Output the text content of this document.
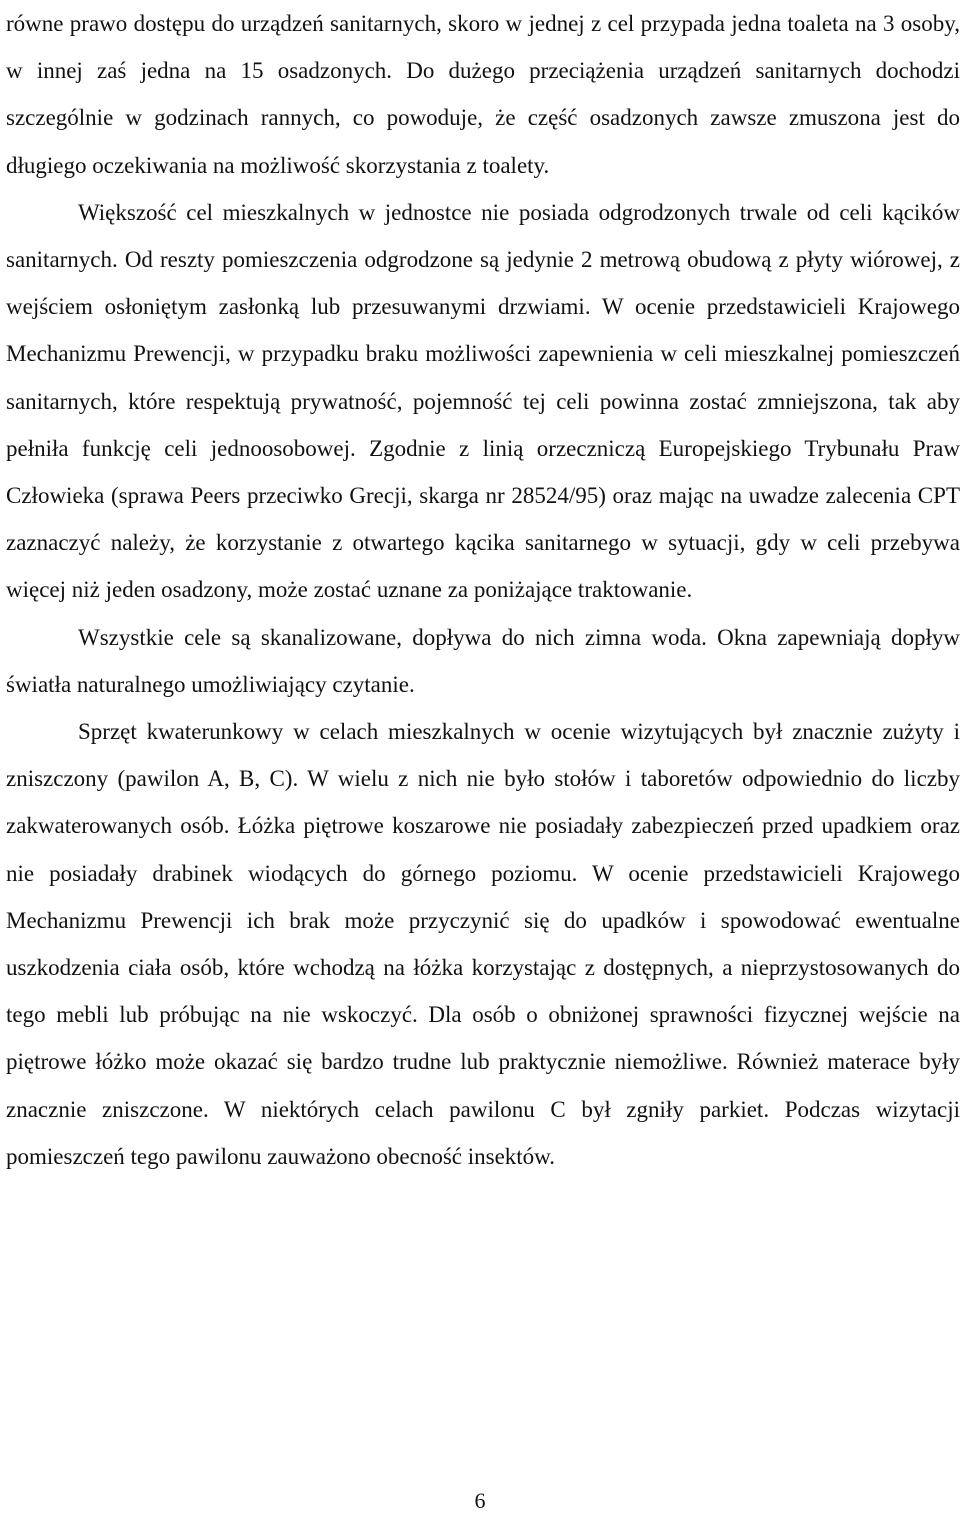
równe prawo dostępu do urządzeń sanitarnych, skoro w jednej z cel przypada jedna toaleta na 3 osoby, w innej zaś jedna na 15 osadzonych. Do dużego przeciążenia urządzeń sanitarnych dochodzi szczególnie w godzinach rannych, co powoduje, że część osadzonych zawsze zmuszona jest do długiego oczekiwania na możliwość skorzystania z toalety.

Większość cel mieszkalnych w jednostce nie posiada odgrodzonych trwale od celi kącików sanitarnych. Od reszty pomieszczenia odgrodzone są jedynie 2 metrową obudową z płyty wiórowej, z wejściem osłoniętym zasłonką lub przesuwanymi drzwiami. W ocenie przedstawicieli Krajowego Mechanizmu Prewencji, w przypadku braku możliwości zapewnienia w celi mieszkalnej pomieszczeń sanitarnych, które respektują prywatność, pojemność tej celi powinna zostać zmniejszona, tak aby pełniła funkcję celi jednoosobowej. Zgodnie z linią orzeczniczą Europejskiego Trybunału Praw Człowieka (sprawa Peers przeciwko Grecji, skarga nr 28524/95) oraz mając na uwadze zalecenia CPT zaznaczyć należy, że korzystanie z otwartego kącika sanitarnego w sytuacji, gdy w celi przebywa więcej niż jeden osadzony, może zostać uznane za poniżające traktowanie.

Wszystkie cele są skanalizowane, dopływa do nich zimna woda. Okna zapewniają dopływ światła naturalnego umożliwiający czytanie.

Sprzęt kwaterunkowy w celach mieszkalnych w ocenie wizytujących był znacznie zużyty i zniszczony (pawilon A, B, C). W wielu z nich nie było stołów i taboretów odpowiednio do liczby zakwaterowanych osób. Łóżka piętrowe koszarowe nie posiadały zabezpieczeń przed upadkiem oraz nie posiadały drabinek wiodących do górnego poziomu. W ocenie przedstawicieli Krajowego Mechanizmu Prewencji ich brak może przyczynić się do upadków i spowodować ewentualne uszkodzenia ciała osób, które wchodzą na łóżka korzystając z dostępnych, a nieprzystosowanych do tego mebli lub próbując na nie wskoczyć. Dla osób o obniżonej sprawności fizycznej wejście na piętrowe łóżko może okazać się bardzo trudne lub praktycznie niemożliwe. Również materace były znacznie zniszczone. W niektórych celach pawilonu C był zgniły parkiet. Podczas wizytacji pomieszczeń tego pawilonu zauważono obecność insektów.

6
